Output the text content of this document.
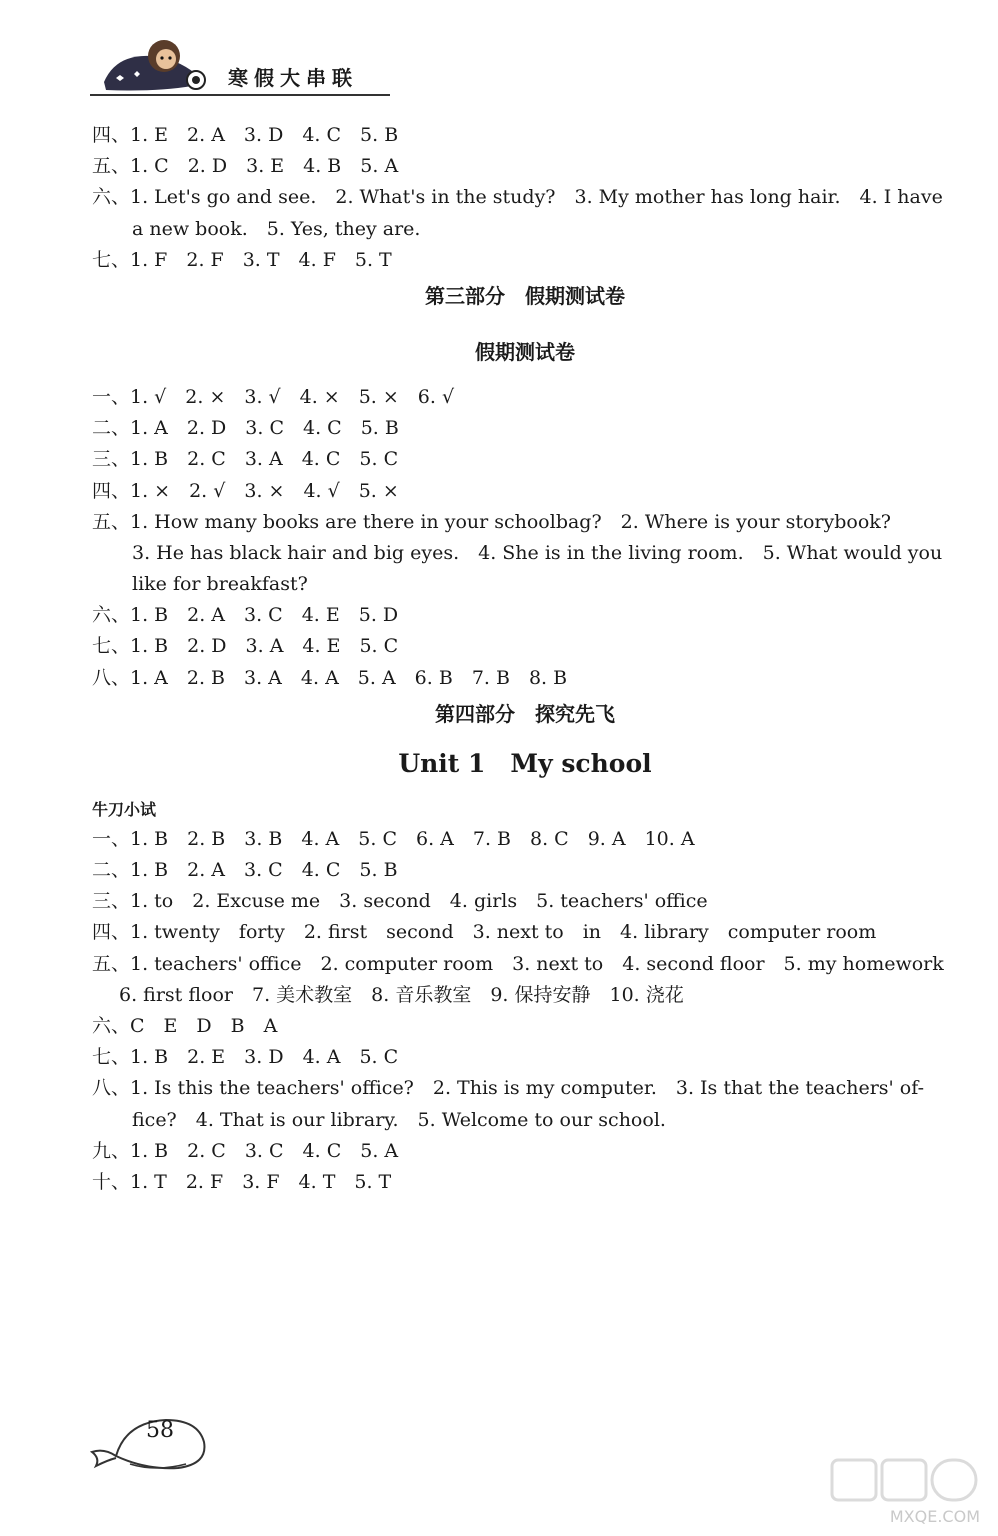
寒假大串联
四、1. E　2. A　3. D　4. C　5. B
五、1. C　2. D　3. E　4. B　5. A
六、1. Let's go and see.　2. What's in the study?　3. My mother has long hair.　4. I have
a new book.　5. Yes, they are.
七、1. F　2. F　3. T　4. F　5. T
第三部分　假期测试卷
假期测试卷
一、1. √　2. ×　3. √　4. ×　5. ×　6. √
二、1. A　2. D　3. C　4. C　5. B
三、1. B　2. C　3. A　4. C　5. C
四、1. ×　2. √　3. ×　4. √　5. ×
五、1. How many books are there in your schoolbag?　2. Where is your storybook?
3. He has black hair and big eyes.　4. She is in the living room.　5. What would you
like for breakfast?
六、1. B　2. A　3. C　4. E　5. D
七、1. B　2. D　3. A　4. E　5. C
八、1. A　2. B　3. A　4. A　5. A　6. B　7. B　8. B
第四部分　探究先飞
Unit 1　My school
牛刀小试
一、1. B　2. B　3. B　4. A　5. C　6. A　7. B　8. C　9. A　10. A
二、1. B　2. A　3. C　4. C　5. B
三、1. to　2. Excuse me　3. second　4. girls　5. teachers' office
四、1. twenty　forty　2. first　second　3. next to　in　4. library　computer room
五、1. teachers' office　2. computer room　3. next to　4. second floor　5. my homework
6. first floor　7. 美术教室　8. 音乐教室　9. 保持安静　10. 浇花
六、C　E　D　B　A
七、1. B　2. E　3. D　4. A　5. C
八、1. Is this the teachers' office?　2. This is my computer.　3. Is that the teachers' of-
fice?　4. That is our library.　5. Welcome to our school.
九、1. B　2. C　3. C　4. C　5. A
十、1. T　2. F　3. F　4. T　5. T
58
MXQE.COM
